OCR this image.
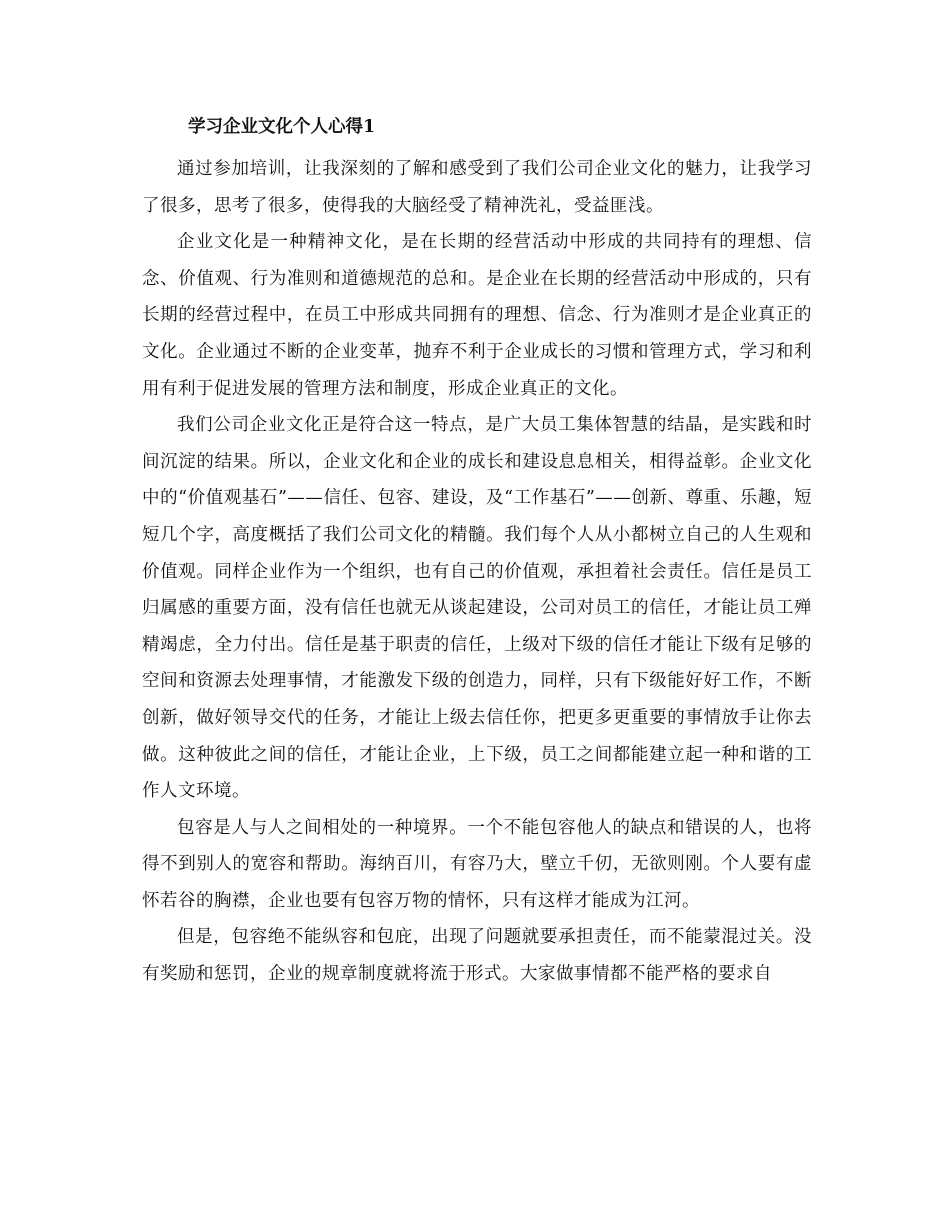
学习企业文化个人心得1

通过参加培训，让我深刻的了解和感受到了我们公司企业文化的魅力，让我学习了很多，思考了很多，使得我的大脑经受了精神洗礼，受益匪浅。

企业文化是一种精神文化，是在长期的经营活动中形成的共同持有的理想、信念、价值观、行为准则和道德规范的总和。是企业在长期的经营活动中形成的，只有长期的经营过程中，在员工中形成共同拥有的理想、信念、行为准则才是企业真正的文化。企业通过不断的企业变革，抛弃不利于企业成长的习惯和管理方式，学习和利用有利于促进发展的管理方法和制度，形成企业真正的文化。

我们公司企业文化正是符合这一特点，是广大员工集体智慧的结晶，是实践和时间沉淀的结果。所以，企业文化和企业的成长和建设息息相关，相得益彰。企业文化中的“价值观基石”——信任、包容、建设，及“工作基石”——创新、尊重、乐趣，短短几个字，高度概括了我们公司文化的精髓。我们每个人从小都树立自己的人生观和价值观。同样企业作为一个组织，也有自己的价值观，承担着社会责任。信任是员工归属感的重要方面，没有信任也就无从谈起建设，公司对员工的信任，才能让员工殚精竭虑，全力付出。信任是基于职责的信任，上级对下级的信任才能让下级有足够的空间和资源去处理事情，才能激发下级的创造力，同样，只有下级能好好工作，不断创新，做好领导交代的任务，才能让上级去信任你，把更多更重要的事情放手让你去做。这种彼此之间的信任，才能让企业，上下级，员工之间都能建立起一种和谐的工作人文环境。

包容是人与人之间相处的一种境界。一个不能包容他人的缺点和错误的人，也将得不到别人的宽容和帮助。海纳百川，有容乃大，壁立千仞，无欲则刚。个人要有虚怀若谷的胸襟，企业也要有包容万物的情怀，只有这样才能成为江河。

但是，包容绝不能纵容和包庇，出现了问题就要承担责任，而不能蒙混过关。没有奖励和惩罚，企业的规章制度就将流于形式。大家做事情都不能严格的要求自
